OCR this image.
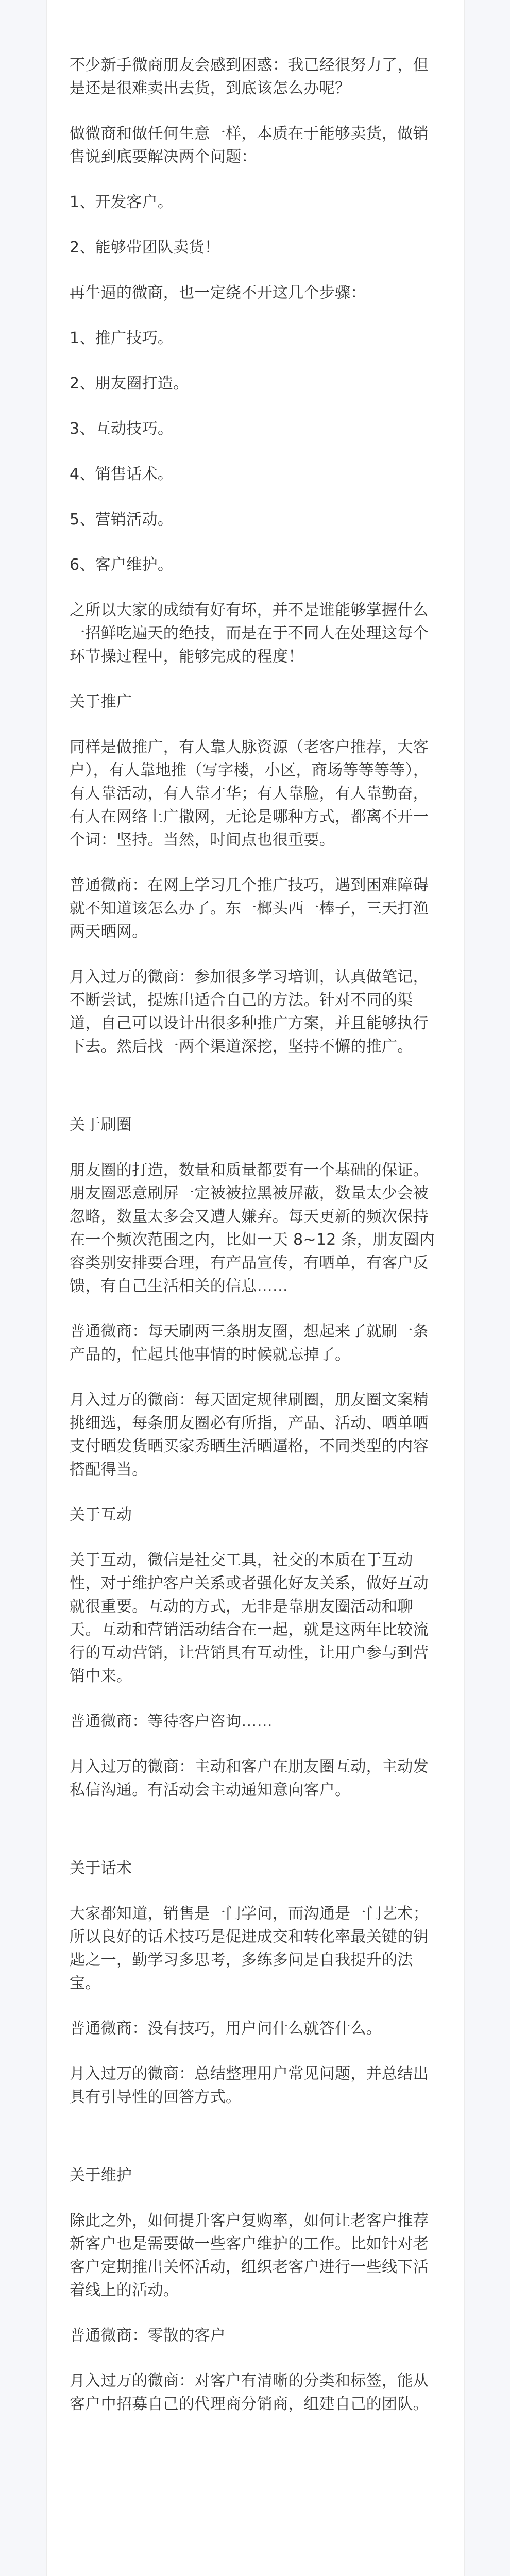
不少新手微商朋友会感到困惑：我已经很努力了，但是还是很难卖出去货，到底该怎么办呢？

做微商和做任何生意一样，本质在于能够卖货，做销售说到底要解决两个问题：

1、开发客户。

2、能够带团队卖货！

再牛逼的微商，也一定绕不开这几个步骤：

1、推广技巧。

2、朋友圈打造。

3、互动技巧。

4、销售话术。

5、营销活动。

6、客户维护。

之所以大家的成绩有好有坏，并不是谁能够掌握什么一招鲜吃遍天的绝技，而是在于不同人在处理这每个环节操过程中，能够完成的程度！

关于推广

同样是做推广，有人靠人脉资源（老客户推荐，大客户），有人靠地推（写字楼，小区，商场等等等等），有人靠活动，有人靠才华；有人靠脸，有人靠勤奋，有人在网络上广撒网，无论是哪种方式，都离不开一个词：坚持。当然，时间点也很重要。

普通微商：在网上学习几个推广技巧，遇到困难障碍就不知道该怎么办了。东一榔头西一棒子，三天打渔两天晒网。

月入过万的微商：参加很多学习培训，认真做笔记，不断尝试，提炼出适合自己的方法。针对不同的渠道，自己可以设计出很多种推广方案，并且能够执行下去。然后找一两个渠道深挖，坚持不懈的推广。

关于刷圈

朋友圈的打造，数量和质量都要有一个基础的保证。朋友圈恶意刷屏一定被被拉黑被屏蔽，数量太少会被忽略，数量太多会又遭人嫌弃。每天更新的频次保持在一个频次范围之内，比如一天 8~12 条，朋友圈内容类别安排要合理，有产品宣传，有晒单，有客户反馈，有自己生活相关的信息……

普通微商：每天刷两三条朋友圈，想起来了就刷一条产品的，忙起其他事情的时候就忘掉了。

月入过万的微商：每天固定规律刷圈，朋友圈文案精挑细选，每条朋友圈必有所指，产品、活动、晒单晒支付晒发货晒买家秀晒生活晒逼格，不同类型的内容搭配得当。

关于互动

关于互动，微信是社交工具，社交的本质在于互动性，对于维护客户关系或者强化好友关系，做好互动就很重要。互动的方式，无非是靠朋友圈活动和聊天。互动和营销活动结合在一起，就是这两年比较流行的互动营销，让营销具有互动性，让用户参与到营销中来。

普通微商：等待客户咨询……

月入过万的微商：主动和客户在朋友圈互动，主动发私信沟通。有活动会主动通知意向客户。

关于话术

大家都知道，销售是一门学问，而沟通是一门艺术；所以良好的话术技巧是促进成交和转化率最关键的钥匙之一，勤学习多思考，多练多问是自我提升的法宝。

普通微商：没有技巧，用户问什么就答什么。

月入过万的微商：总结整理用户常见问题，并总结出具有引导性的回答方式。

关于维护

除此之外，如何提升客户复购率，如何让老客户推荐新客户也是需要做一些客户维护的工作。比如针对老客户定期推出关怀活动，组织老客户进行一些线下活着线上的活动。

普通微商：零散的客户

月入过万的微商：对客户有清晰的分类和标签，能从客户中招募自己的代理商分销商，组建自己的团队。
